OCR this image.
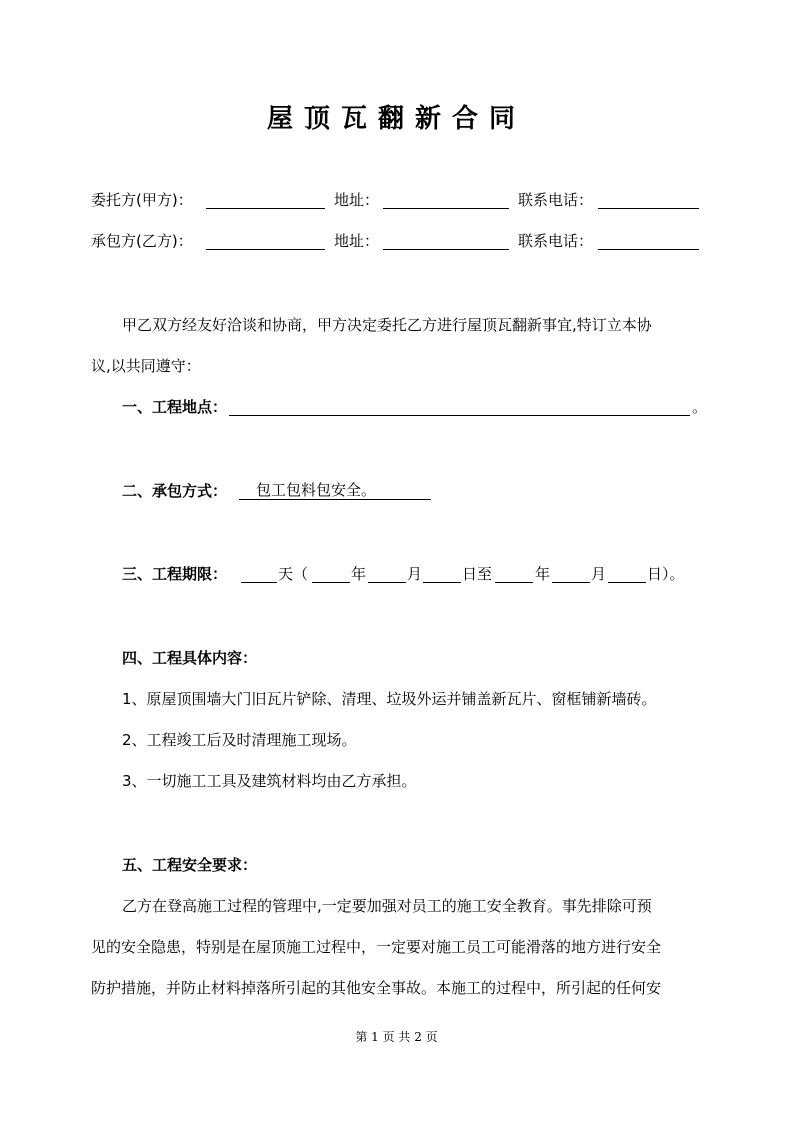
屋顶瓦翻新合同
委托方(甲方)：	地址：	联系电话：
承包方(乙方)：	地址：	联系电话：
甲乙双方经友好洽谈和协商，甲方决定委托乙方进行屋顶瓦翻新事宜,特订立本协
议,以共同遵守：
一、工程地点：	。
二、承包方式：	包工包料包安全。
三、工程期限：	天（	年	月	日至	年	月	日）。
四、工程具体内容：
1、原屋顶围墙大门旧瓦片铲除、清理、垃圾外运并铺盖新瓦片、窗框铺新墙砖。
2、工程竣工后及时清理施工现场。
3、一切施工工具及建筑材料均由乙方承担。
五、工程安全要求：
乙方在登高施工过程的管理中,一定要加强对员工的施工安全教育。事先排除可预
见的安全隐患，特别是在屋顶施工过程中，一定要对施工员工可能滑落的地方进行安全
防护措施，并防止材料掉落所引起的其他安全事故。本施工的过程中，所引起的任何安
第 1 页 共 2 页
